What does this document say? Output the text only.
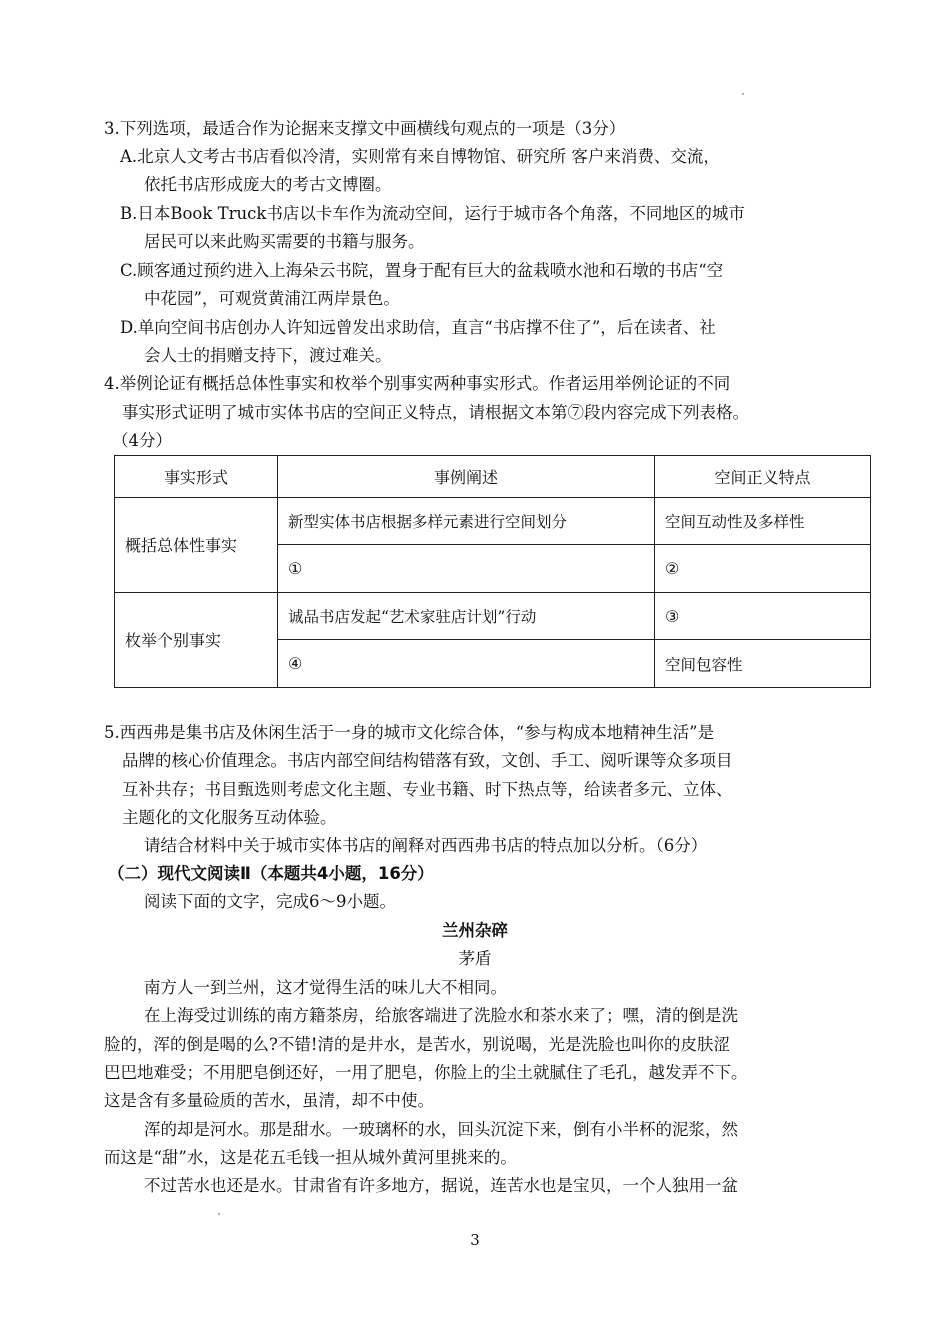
3.下列选项，最适合作为论据来支撑文中画横线句观点的一项是（3分）
A.北京人文考古书店看似冷清，实则常有来自博物馆、研究所 客户来消费、交流，
依托书店形成庞大的考古文博圈。
B.日本Book Truck书店以卡车作为流动空间，运行于城市各个角落，不同地区的城市
居民可以来此购买需要的书籍与服务。
C.顾客通过预约进入上海朵云书院，置身于配有巨大的盆栽喷水池和石墩的书店“空
中花园”，可观赏黄浦江两岸景色。
D.单向空间书店创办人许知远曾发出求助信，直言“书店撑不住了”，后在读者、社
会人士的捐赠支持下，渡过难关。
4.举例论证有概括总体性事实和枚举个别事实两种事实形式。作者运用举例论证的不同
事实形式证明了城市实体书店的空间正义特点，请根据文本第⑦段内容完成下列表格。
（4分）
事实形式	事例阐述	空间正义特点
概括总体性事实	新型实体书店根据多样元素进行空间划分	空间互动性及多样性
	①	②
枚举个别事实	诚品书店发起“艺术家驻店计划”行动	③
	④	空间包容性
5.西西弗是集书店及休闲生活于一身的城市文化综合体，“参与构成本地精神生活”是
品牌的核心价值理念。书店内部空间结构错落有致，文创、手工、阅听课等众多项目
互补共存；书目甄选则考虑文化主题、专业书籍、时下热点等，给读者多元、立体、
主题化的文化服务互动体验。
请结合材料中关于城市实体书店的阐释对西西弗书店的特点加以分析。（6分）
（二）现代文阅读Ⅱ（本题共4小题，16分）
阅读下面的文字，完成6～9小题。
兰州杂碎
茅盾
南方人一到兰州，这才觉得生活的味儿大不相同。
在上海受过训练的南方籍茶房，给旅客端进了洗脸水和茶水来了；嘿，清的倒是洗
脸的，浑的倒是喝的么?不错!清的是井水，是苦水，别说喝，光是洗脸也叫你的皮肤涩
巴巴地难受；不用肥皂倒还好，一用了肥皂，你脸上的尘土就腻住了毛孔，越发弄不下。
这是含有多量硷质的苦水，虽清，却不中使。
浑的却是河水。那是甜水。一玻璃杯的水，回头沉淀下来，倒有小半杯的泥浆，然
而这是“甜”水，这是花五毛钱一担从城外黄河里挑来的。
不过苦水也还是水。甘肃省有许多地方，据说，连苦水也是宝贝，一个人独用一盆
3
